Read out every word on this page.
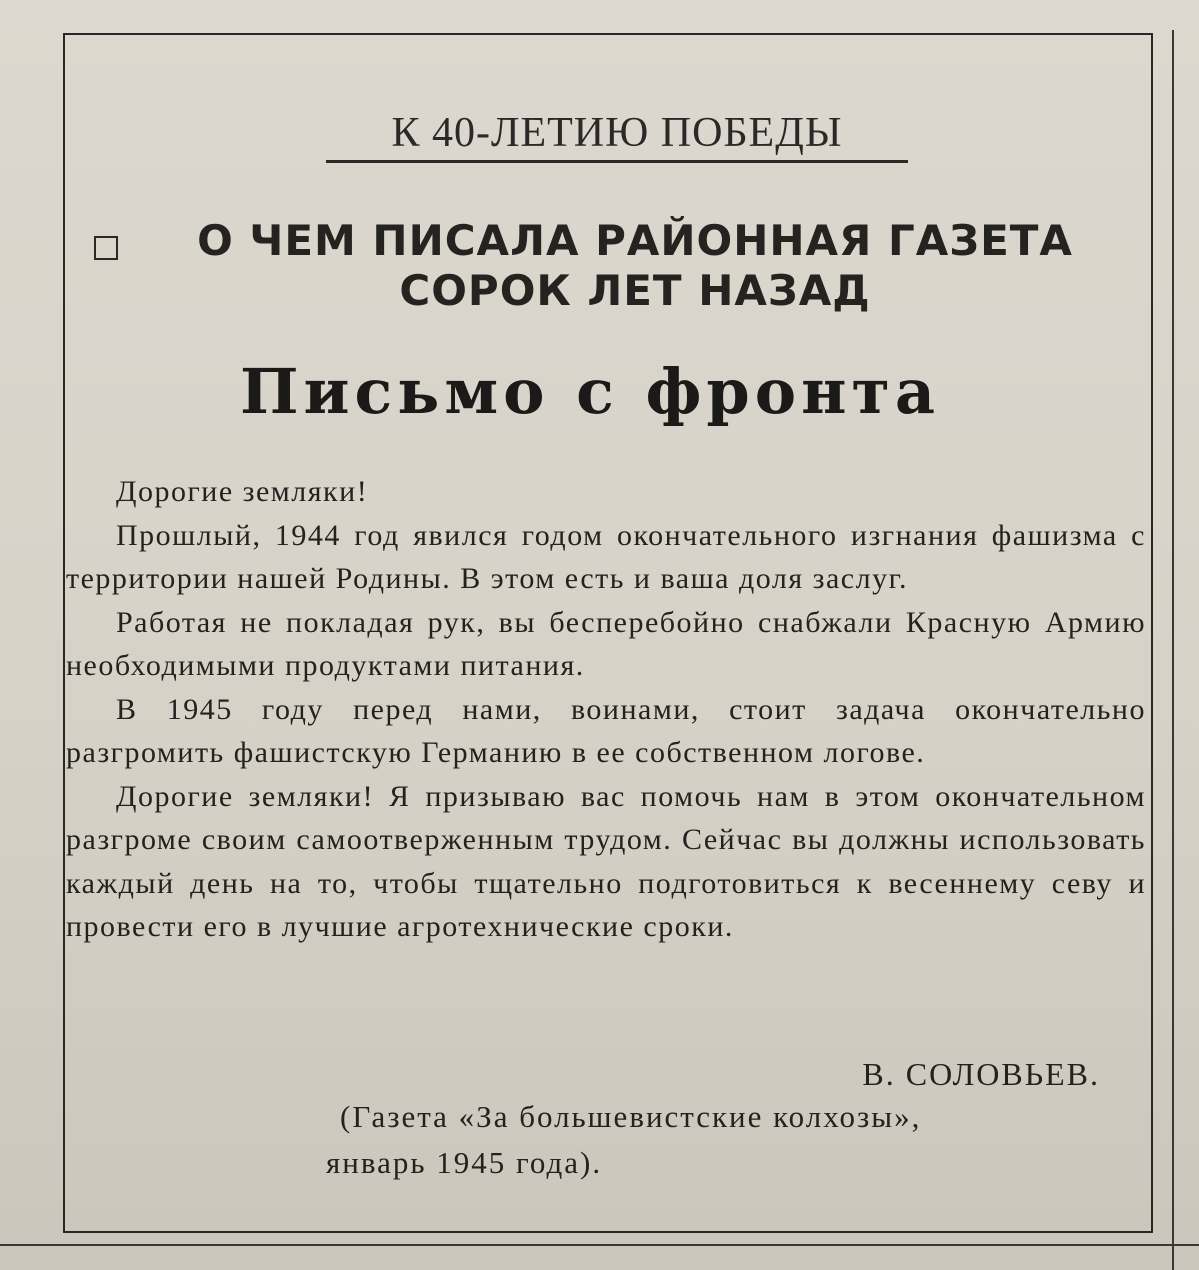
К 40-ЛЕТИЮ ПОБЕДЫ
О ЧЕМ ПИСАЛА РАЙОННАЯ ГАЗЕТА
СОРОК ЛЕТ НАЗАД
Письмо с фронта

Дорогие земляки!

Прошлый, 1944 год явился годом окончательного изгнания фашизма с территории нашей Родины. В этом есть и ваша доля заслуг.

Работая не покладая рук, вы бесперебойно снабжали Красную Армию необходимыми продуктами питания.

В 1945 году перед нами, воинами, стоит задача окончательно разгромить фашистскую Германию в ее собственном логове.

Дорогие земляки! Я призываю вас помочь нам в этом окончательном разгроме своим самоотверженным трудом. Сейчас вы должны использовать каждый день на то, чтобы тщательно подготовиться к весеннему севу и провести его в лучшие агротехнические сроки.

В. СОЛОВЬЕВ.
(Газета «За большевистские колхозы»,
январь 1945 года).
